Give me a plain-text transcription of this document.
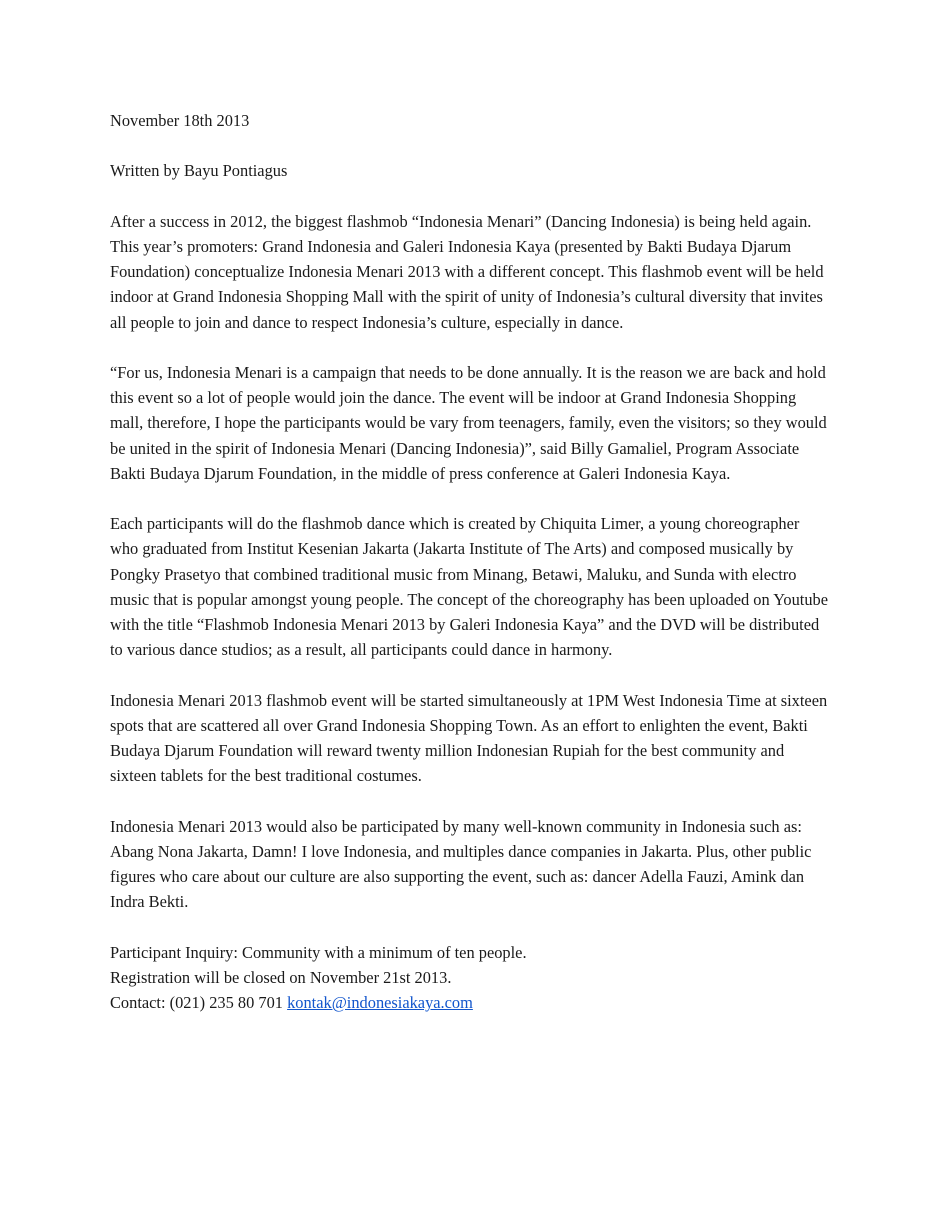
November 18th 2013
Written by Bayu Pontiagus

After a success in 2012, the biggest flashmob “Indonesia Menari” (Dancing Indonesia) is being held again. This year’s promoters: Grand Indonesia and Galeri Indonesia Kaya (presented by Bakti Budaya Djarum Foundation) conceptualize Indonesia Menari 2013 with a different concept. This flashmob event will be held indoor at Grand Indonesia Shopping Mall with the spirit of unity of Indonesia’s cultural diversity that invites all people to join and dance to respect Indonesia’s culture, especially in dance.

“For us, Indonesia Menari is a campaign that needs to be done annually. It is the reason we are back and hold this event so a lot of people would join the dance. The event will be indoor at Grand Indonesia Shopping mall, therefore, I hope the participants would be vary from teenagers, family, even the visitors; so they would be united in the spirit of Indonesia Menari (Dancing Indonesia)”, said Billy Gamaliel, Program Associate Bakti Budaya Djarum Foundation, in the middle of press conference at Galeri Indonesia Kaya.

Each participants will do the flashmob dance which is created by Chiquita Limer, a young choreographer who graduated from Institut Kesenian Jakarta (Jakarta Institute of The Arts) and composed musically by Pongky Prasetyo that combined traditional music from Minang, Betawi, Maluku, and Sunda with electro music that is popular amongst young people. The concept of the choreography has been uploaded on Youtube with the title “Flashmob Indonesia Menari 2013 by Galeri Indonesia Kaya” and the DVD will be distributed to various dance studios; as a result, all participants could dance in harmony.

Indonesia Menari 2013 flashmob event will be started simultaneously at 1PM West Indonesia Time at sixteen spots that are scattered all over Grand Indonesia Shopping Town. As an effort to enlighten the event, Bakti Budaya Djarum Foundation will reward twenty million Indonesian Rupiah for the best community and sixteen tablets for the best traditional costumes.

Indonesia Menari 2013 would also be participated by many well-known community in Indonesia such as: Abang Nona Jakarta, Damn! I love Indonesia, and multiples dance companies in Jakarta. Plus, other public figures who care about our culture are also supporting the event, such as: dancer Adella Fauzi, Amink dan Indra Bekti.

Participant Inquiry: Community with a minimum of ten people.
Registration will be closed on November 21st 2013.
Contact: (021) 235 80 701 kontak@indonesiakaya.com
